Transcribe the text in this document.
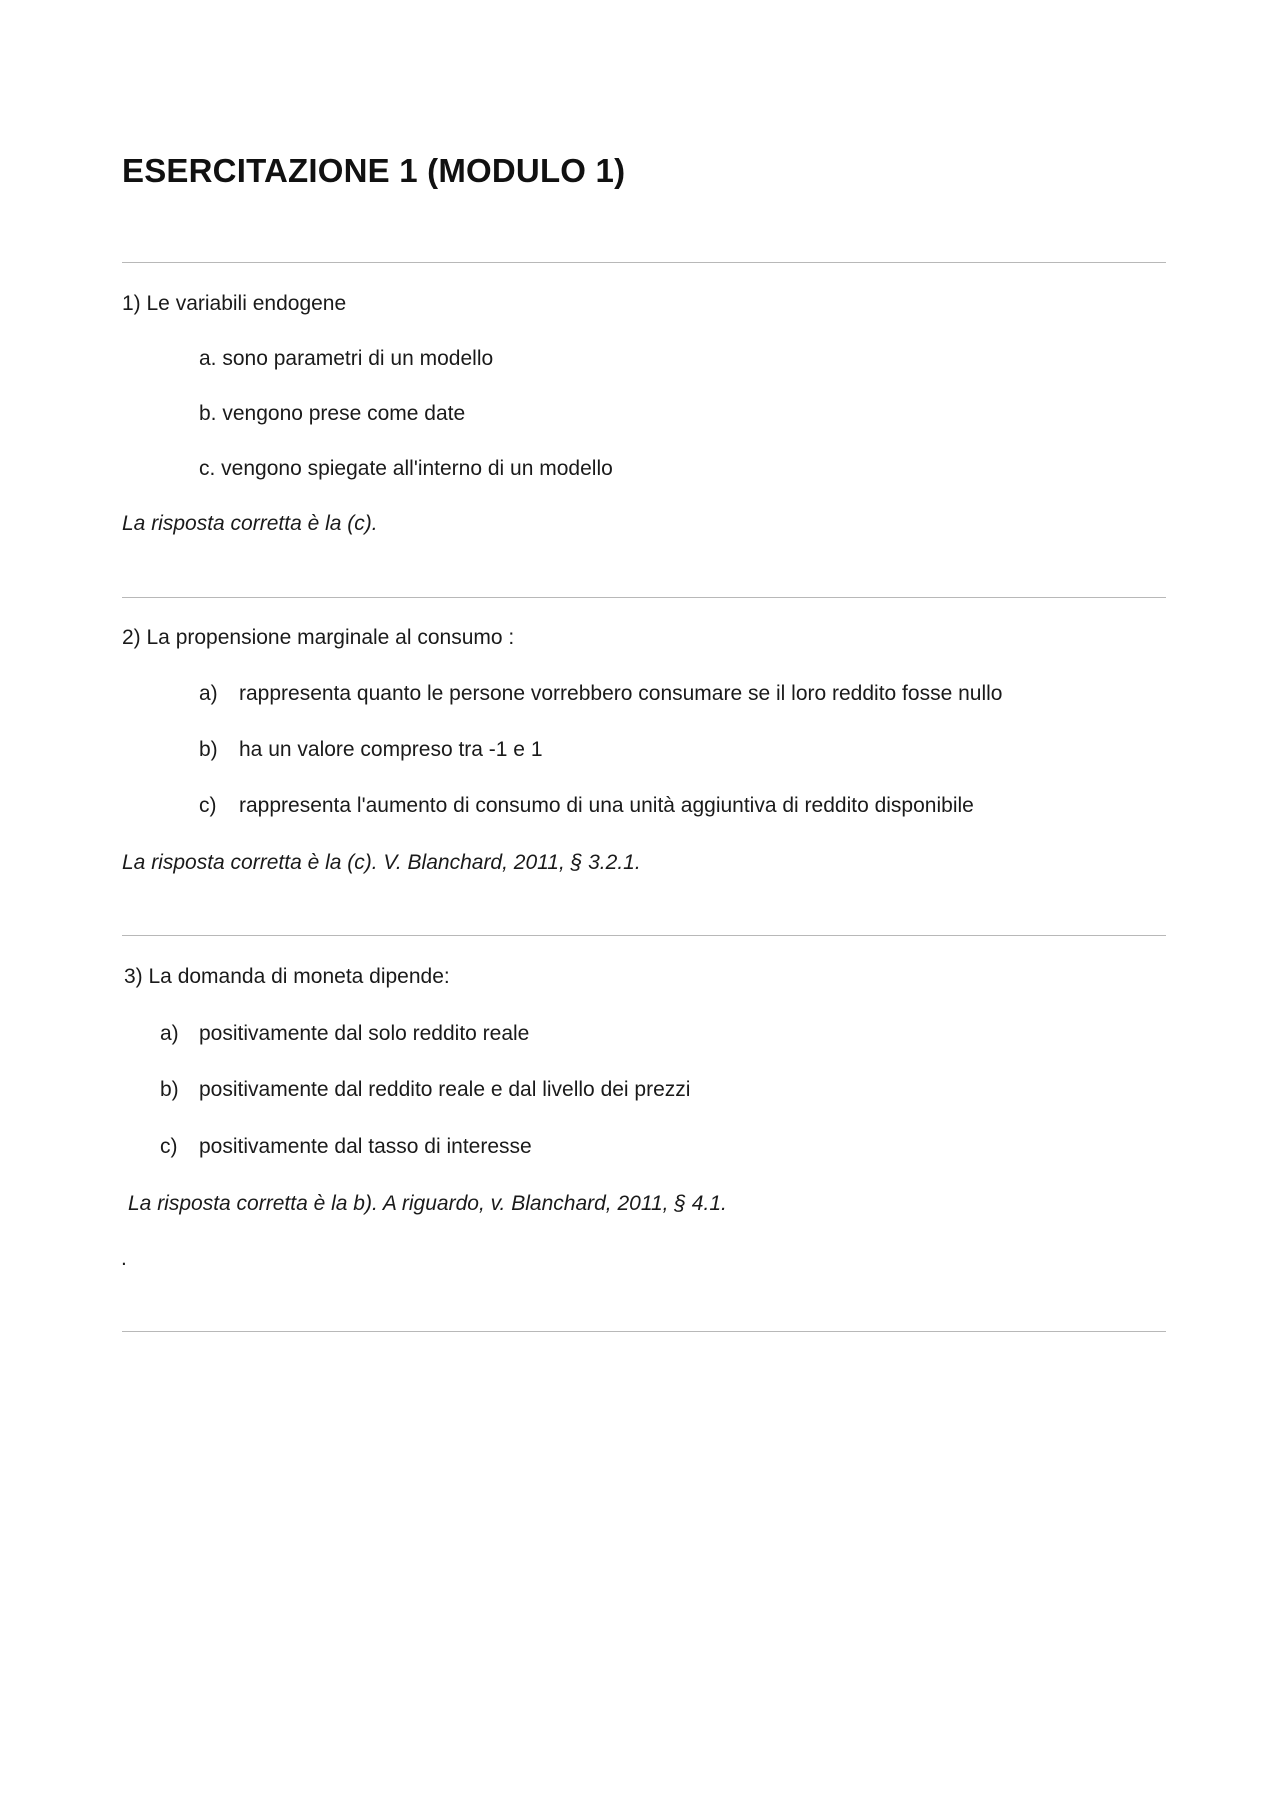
ESERCITAZIONE 1 (MODULO 1)
1) Le variabili endogene
a. sono parametri di un modello
b. vengono prese come date
c. vengono spiegate all'interno di un modello
La risposta corretta è la (c).
2) La propensione marginale al consumo :
a) rappresenta quanto le persone vorrebbero consumare se il loro reddito fosse nullo
b) ha un valore compreso tra -1 e 1
c) rappresenta l'aumento di consumo di una unità aggiuntiva di reddito disponibile
La risposta corretta è la (c). V. Blanchard, 2011, § 3.2.1.
3) La domanda di moneta dipende:
a) positivamente dal solo reddito reale
b) positivamente dal reddito reale e dal livello dei prezzi
c) positivamente dal tasso di interesse
La risposta corretta è la b). A riguardo, v. Blanchard, 2011, § 4.1.
.
